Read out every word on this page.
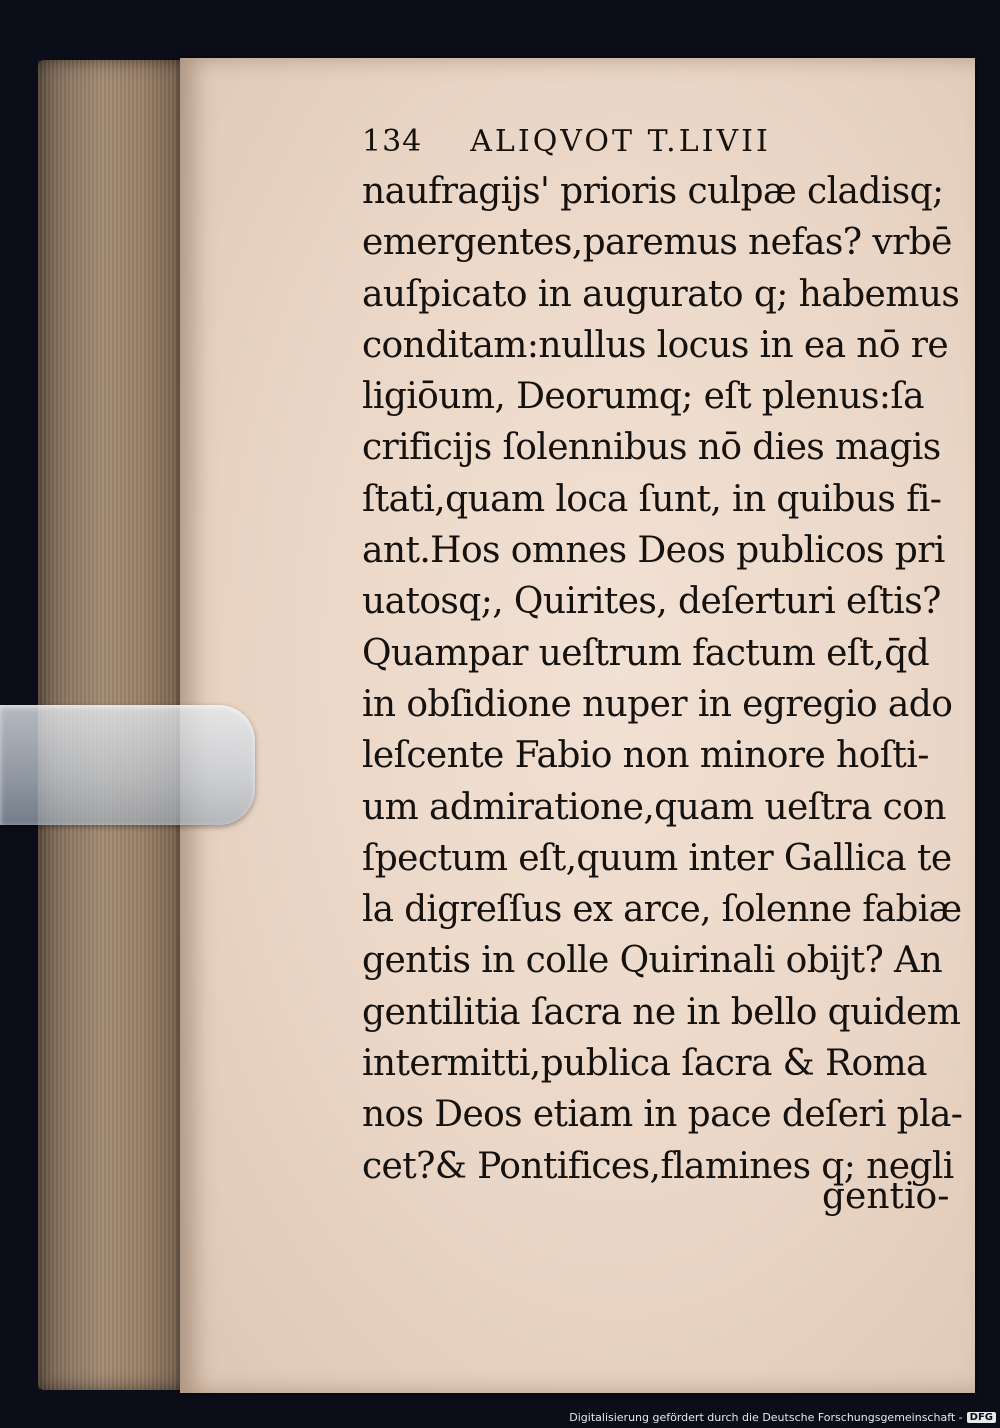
134 ALIQVOT T.LIVII
naufragijs' prioris culpæ cladisq;
emergentes,paremus nefas? vrbē
auſpicato in augurato q; habemus
conditam:nullus locus in ea nō re
ligiōum, Deorumq; eſt plenus:ſa
crificijs ſolennibus nō dies magis
ſtati,quam loca ſunt, in quibus fi-
ant.Hos omnes Deos publicos pri
uatosq;, Quirites, deſerturi eſtis?
Quampar ueſtrum factum eſt,q̄d
in obſidione nuper in egregio ado
leſcente Fabio non minore hoſti-
um admiratione,quam ueſtra con
ſpectum eſt,quum inter Gallica te
la digreſſus ex arce, ſolenne fabiæ
gentis in colle Quirinali obijt? An
gentilitia ſacra ne in bello quidem
intermitti,publica ſacra & Roma
nos Deos etiam in pace deſeri pla-
cet?& Pontifices,flamines q; negli
gentio-
Digitalisierung gefördert durch die Deutsche Forschungsgemeinschaft - DFG
